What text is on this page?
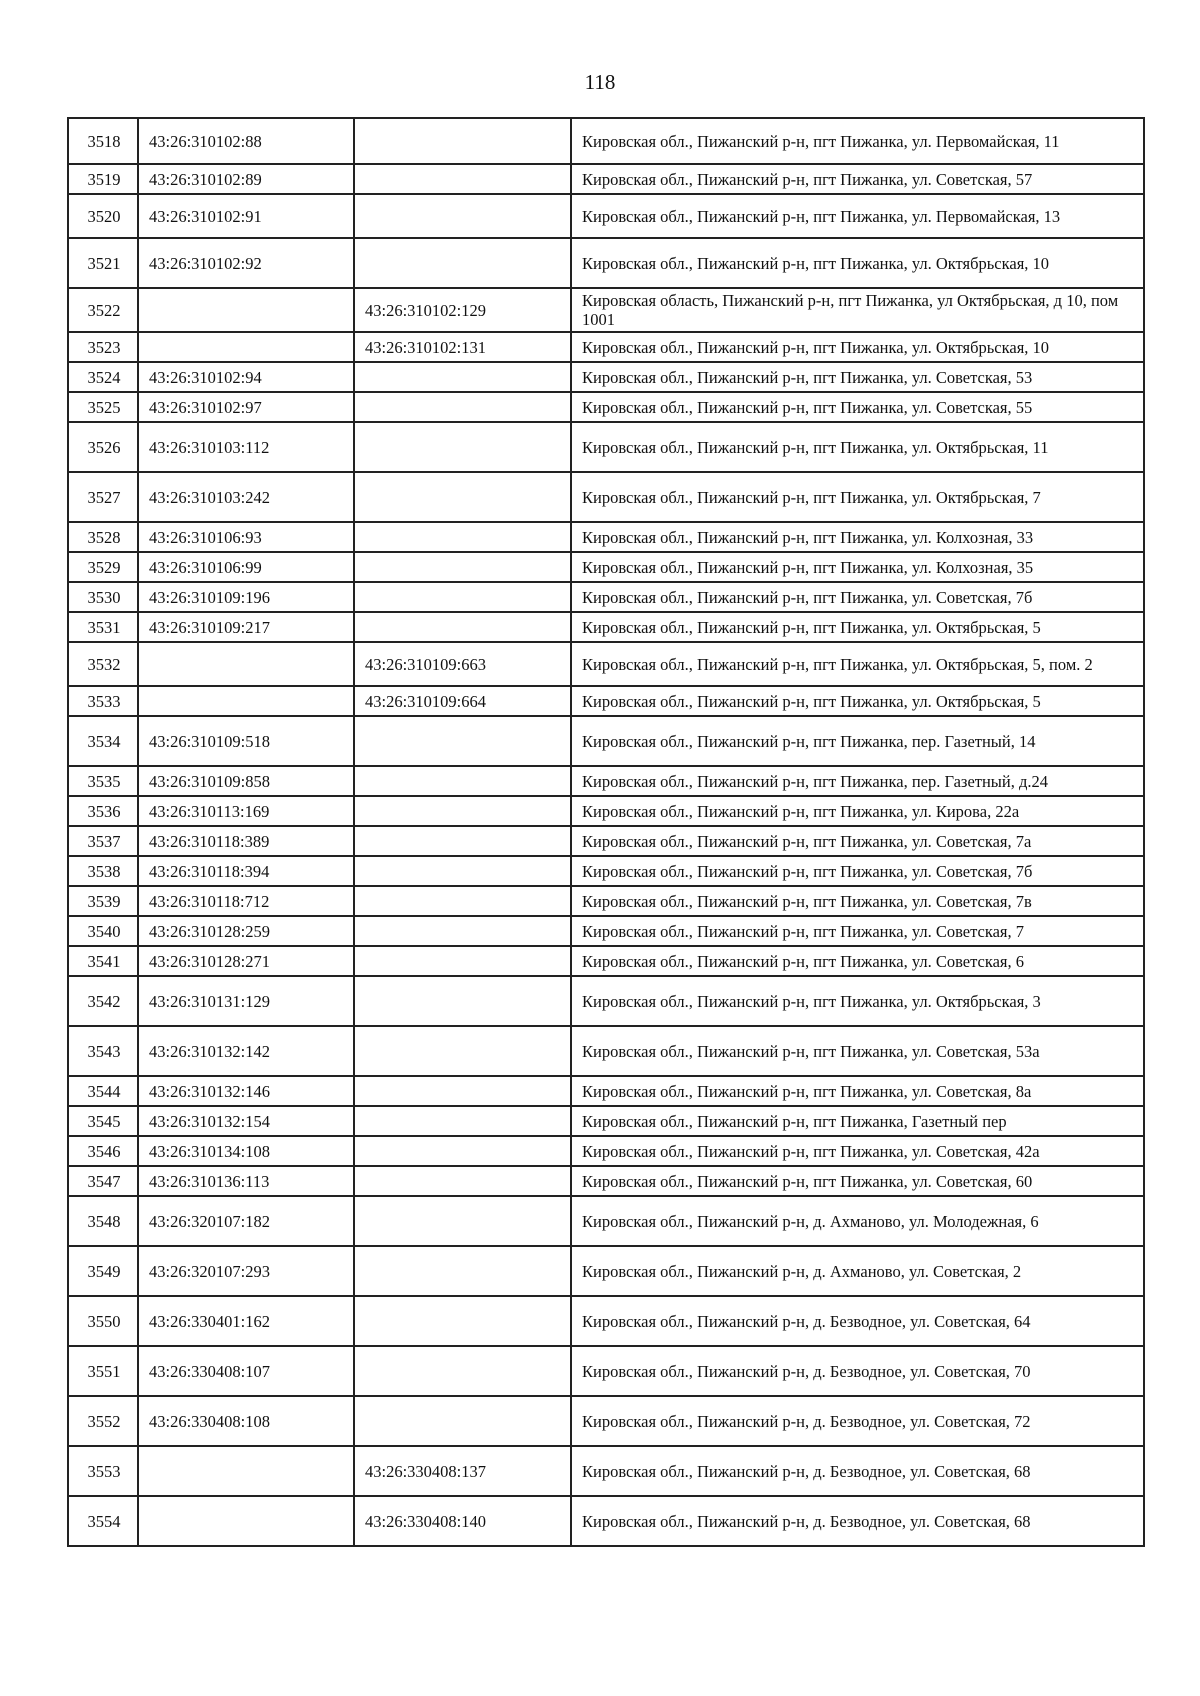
118
3518	43:26:310102:88		Кировская обл., Пижанский р-н, пгт Пижанка, ул. Первомайская, 11
3519	43:26:310102:89		Кировская обл., Пижанский р-н, пгт Пижанка, ул. Советская, 57
3520	43:26:310102:91		Кировская обл., Пижанский р-н, пгт Пижанка, ул. Первомайская, 13
3521	43:26:310102:92		Кировская обл., Пижанский р-н, пгт Пижанка, ул. Октябрьская, 10
3522		43:26:310102:129	Кировская область, Пижанский р-н, пгт Пижанка, ул Октябрьская, д 10, пом 1001
3523		43:26:310102:131	Кировская обл., Пижанский р-н, пгт Пижанка, ул. Октябрьская, 10
3524	43:26:310102:94		Кировская обл., Пижанский р-н, пгт Пижанка, ул. Советская, 53
3525	43:26:310102:97		Кировская обл., Пижанский р-н, пгт Пижанка, ул. Советская, 55
3526	43:26:310103:112		Кировская обл., Пижанский р-н, пгт Пижанка, ул. Октябрьская, 11
3527	43:26:310103:242		Кировская обл., Пижанский р-н, пгт Пижанка, ул. Октябрьская, 7
3528	43:26:310106:93		Кировская обл., Пижанский р-н, пгт Пижанка, ул. Колхозная, 33
3529	43:26:310106:99		Кировская обл., Пижанский р-н, пгт Пижанка, ул. Колхозная, 35
3530	43:26:310109:196		Кировская обл., Пижанский р-н, пгт Пижанка, ул. Советская, 7б
3531	43:26:310109:217		Кировская обл., Пижанский р-н, пгт Пижанка, ул. Октябрьская, 5
3532		43:26:310109:663	Кировская обл., Пижанский р-н, пгт Пижанка, ул. Октябрьская, 5, пом. 2
3533		43:26:310109:664	Кировская обл., Пижанский р-н, пгт Пижанка, ул. Октябрьская, 5
3534	43:26:310109:518		Кировская обл., Пижанский р-н, пгт Пижанка, пер. Газетный, 14
3535	43:26:310109:858		Кировская обл., Пижанский р-н, пгт Пижанка, пер. Газетный, д.24
3536	43:26:310113:169		Кировская обл., Пижанский р-н, пгт Пижанка, ул. Кирова, 22а
3537	43:26:310118:389		Кировская обл., Пижанский р-н, пгт Пижанка, ул. Советская, 7а
3538	43:26:310118:394		Кировская обл., Пижанский р-н, пгт Пижанка, ул. Советская, 7б
3539	43:26:310118:712		Кировская обл., Пижанский р-н, пгт Пижанка, ул. Советская, 7в
3540	43:26:310128:259		Кировская обл., Пижанский р-н, пгт Пижанка, ул. Советская, 7
3541	43:26:310128:271		Кировская обл., Пижанский р-н, пгт Пижанка, ул. Советская, 6
3542	43:26:310131:129		Кировская обл., Пижанский р-н, пгт Пижанка, ул. Октябрьская, 3
3543	43:26:310132:142		Кировская обл., Пижанский р-н, пгт Пижанка, ул. Советская, 53а
3544	43:26:310132:146		Кировская обл., Пижанский р-н, пгт Пижанка, ул. Советская, 8а
3545	43:26:310132:154		Кировская обл., Пижанский р-н, пгт Пижанка, Газетный пер
3546	43:26:310134:108		Кировская обл., Пижанский р-н, пгт Пижанка, ул. Советская, 42а
3547	43:26:310136:113		Кировская обл., Пижанский р-н, пгт Пижанка, ул. Советская, 60
3548	43:26:320107:182		Кировская обл., Пижанский р-н, д. Ахманово, ул. Молодежная, 6
3549	43:26:320107:293		Кировская обл., Пижанский р-н, д. Ахманово, ул. Советская, 2
3550	43:26:330401:162		Кировская обл., Пижанский р-н, д. Безводное, ул. Советская, 64
3551	43:26:330408:107		Кировская обл., Пижанский р-н, д. Безводное, ул. Советская, 70
3552	43:26:330408:108		Кировская обл., Пижанский р-н, д. Безводное, ул. Советская, 72
3553		43:26:330408:137	Кировская обл., Пижанский р-н, д. Безводное, ул. Советская, 68
3554		43:26:330408:140	Кировская обл., Пижанский р-н, д. Безводное, ул. Советская, 68
